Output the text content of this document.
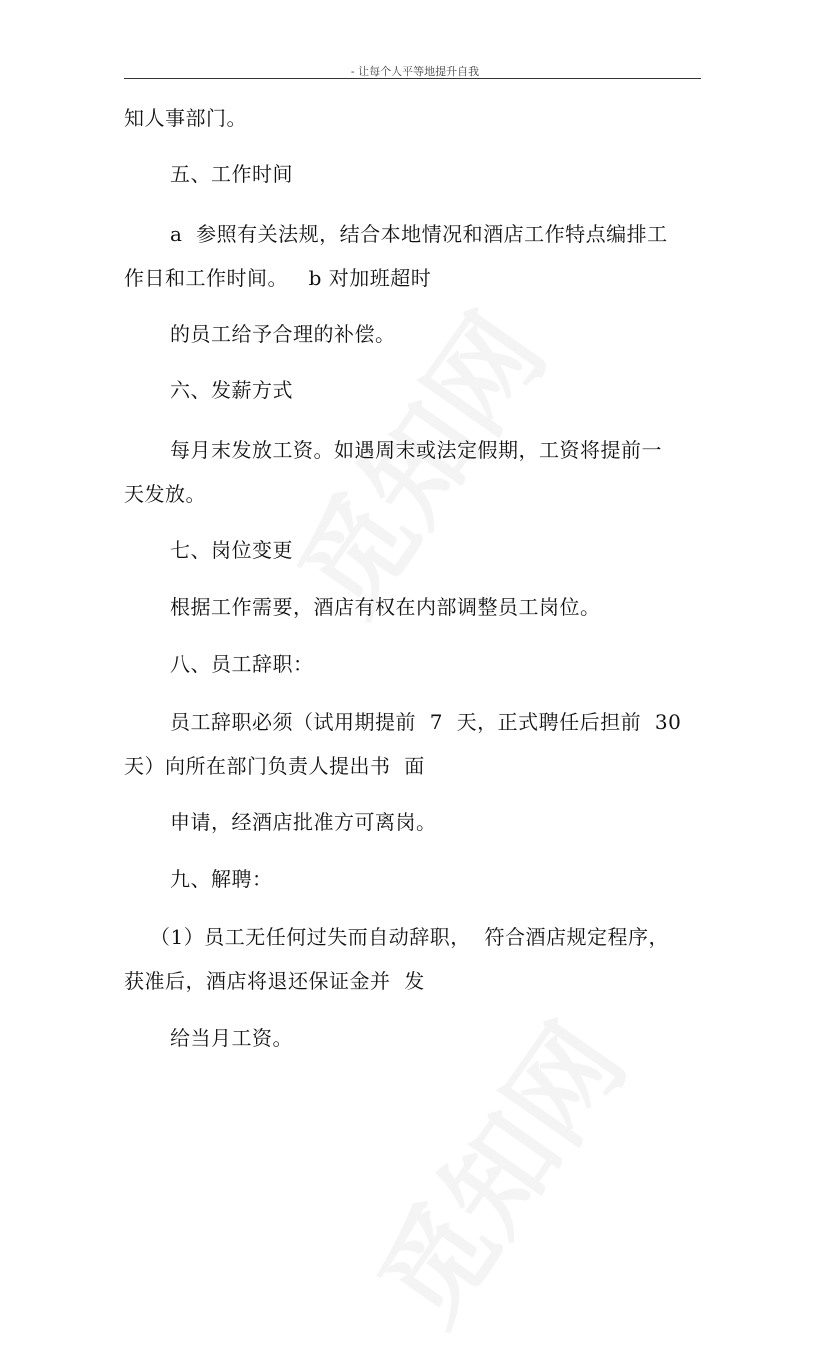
- 让每个人平等地提升自我
知人事部门。
五、工作时间
a  参照有关法规，结合本地情况和酒店工作特点编排工
作日和工作时间。   b 对加班超时
的员工给予合理的补偿。
六、发薪方式
每月末发放工资。如遇周末或法定假期，工资将提前一
天发放。
七、岗位变更
根据工作需要，酒店有权在内部调整员工岗位。
八、员工辞职：
员工辞职必须（试用期提前  7  天，正式聘任后担前  30
天）向所在部门负责人提出书  面
申请，经酒店批准方可离岗。
九、解聘：
（1）员工无任何过失而自动辞职，  符合酒店规定程序，
获准后，酒店将退还保证金并  发
给当月工资。
